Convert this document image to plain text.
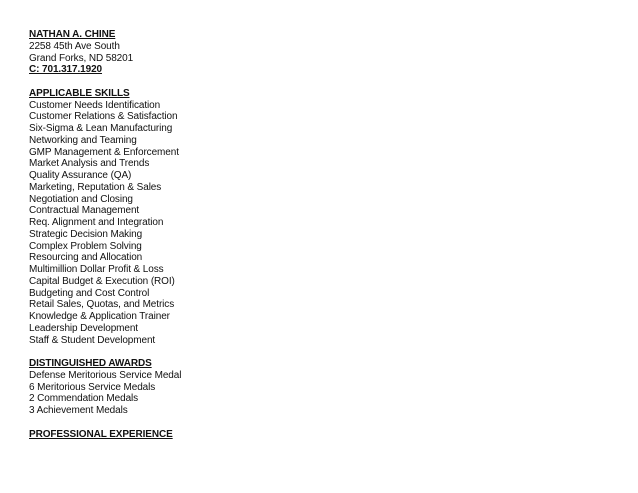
NATHAN A. CHINE
2258 45th Ave South
Grand Forks, ND 58201
C: 701.317.1920
APPLICABLE SKILLS
Customer Needs Identification
Customer Relations & Satisfaction
Six-Sigma & Lean Manufacturing
Networking and Teaming
GMP Management & Enforcement
Market Analysis and Trends
Quality Assurance (QA)
Marketing, Reputation & Sales
Negotiation and Closing
Contractual Management
Req. Alignment and Integration
Strategic Decision Making
Complex Problem Solving
Resourcing and Allocation
Multimillion Dollar Profit & Loss
Capital Budget & Execution (ROI)
Budgeting and Cost Control
Retail Sales, Quotas, and Metrics
Knowledge & Application Trainer
Leadership Development
Staff & Student Development
DISTINGUISHED AWARDS
Defense Meritorious Service Medal
6 Meritorious Service Medals
2 Commendation Medals
3 Achievement Medals
PROFESSIONAL EXPERIENCE
